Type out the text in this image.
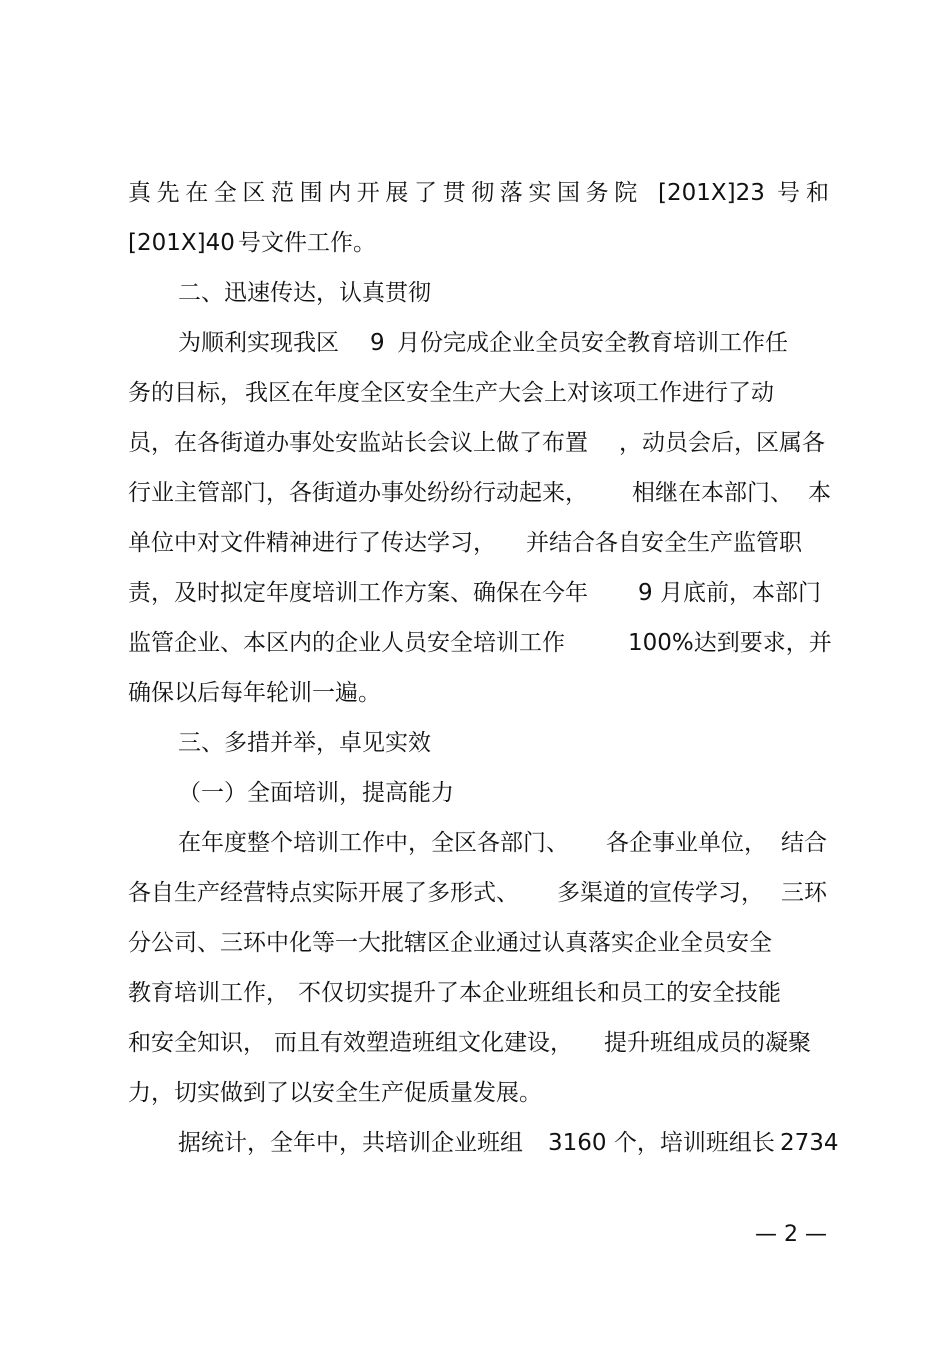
真先在全区范围内开展了贯彻落实国务院

[201X]23

号和

[201X]40

号文件工作。

二、迅速传达，认真贯彻

为顺利实现我区

9

月份完成企业全员安全教育培训工作任

务的目标，

我区在年度全区安全生产大会上对该项工作进行了动

员，在各街道办事处安监站长会议上做了布置

，动员会后，

区属各

行业主管部门，各街道办事处纷纷行动起来，

相继在本部门、

本

单位中对文件精神进行了传达学习，

并结合各自安全生产监管职

责，及时拟定年度培训工作方案、确保在今年

9 月底前，本部门

监管企业、本区内的企业人员安全培训工作

	100%达到要求，并

确保以后每年轮训一遍。

三、多措并举，卓见实效

（一）全面培训，提高能力

在年度整个培训工作中，全区各部门、

各企事业单位，

结合

各自生产经营特点实际开展了多形式、

多渠道的宣传学习，

三环

分公司、三环中化等一大批辖区企业通过认真落实企业全员安全

教育培训工作，

不仅切实提升了本企业班组长和员工的安全技能

和安全知识，

而且有效塑造班组文化建设，

提升班组成员的凝聚

力，切实做到了以安全生产促质量发展。

据统计，全年中，共培训企业班组

3160 个，培训班组长

2734

— 2 —
